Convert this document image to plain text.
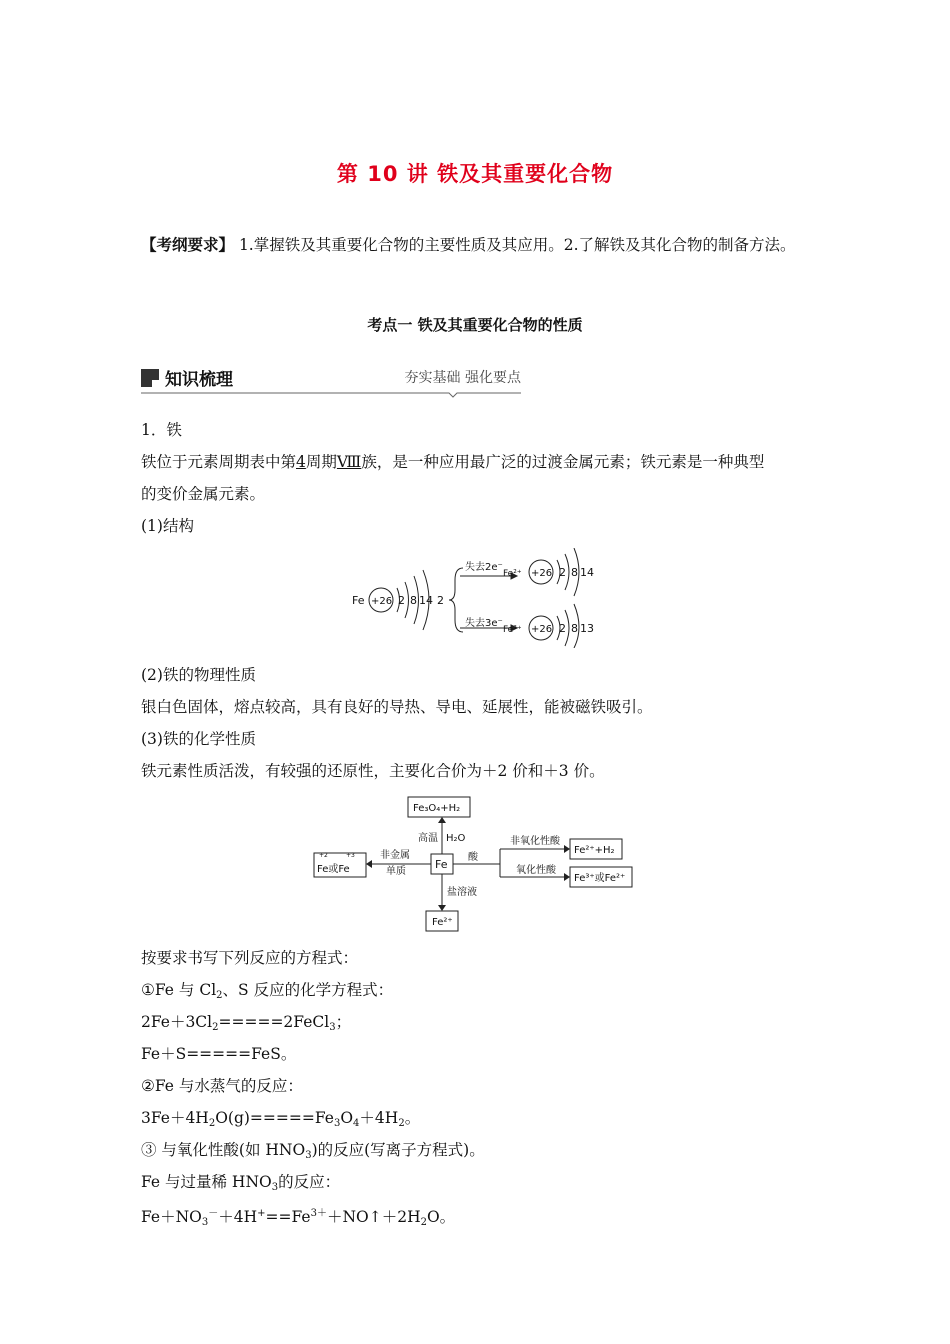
第 10 讲 铁及其重要化合物
【考纲要求】 1.掌握铁及其重要化合物的主要性质及其应用。2.了解铁及其化合物的制备方法。
考点一 铁及其重要化合物的性质
知识梳理	夯实基础 强化要点
1．铁
铁位于元素周期表中第4周期Ⅷ族，是一种应用最广泛的过渡金属元素；铁元素是一种典型
的变价金属元素。
(1)结构
Fe +26 2 8 14 2
失去2e⁻
失去3e⁻
Fe²⁺ +26 2 8 14
Fe³⁺ +26 2 8 13
(2)铁的物理性质
银白色固体，熔点较高，具有良好的导热、导电、延展性，能被磁铁吸引。
(3)铁的化学性质
铁元素性质活泼，有较强的还原性，主要化合价为＋2 价和＋3 价。
Fe₃O₄+H₂
高温 H₂O
Fe
+2	+3
Fe或Fe
非金属
单质
酸
非氧化性酸
Fe²⁺+H₂
氧化性酸
Fe³⁺或Fe²⁺
盐溶液
Fe²⁺
按要求书写下列反应的方程式：
①Fe 与 $Cl_2$、S 反应的化学方程式：
$2Fe+3Cl_2=====2FeCl_3$；
Fe＋S=====FeS。
②Fe 与水蒸气的反应：
$3Fe+4H_2O(g)=====Fe_3O_4+4H_2$。
③ 与氧化性酸(如 $HNO_3$)的反应(写离子方程式)。
Fe 与过量稀 $HNO_3$的反应：
$Fe+NO_3^-+4H^+==Fe^{3+}+NO↑+2H_2O$。
